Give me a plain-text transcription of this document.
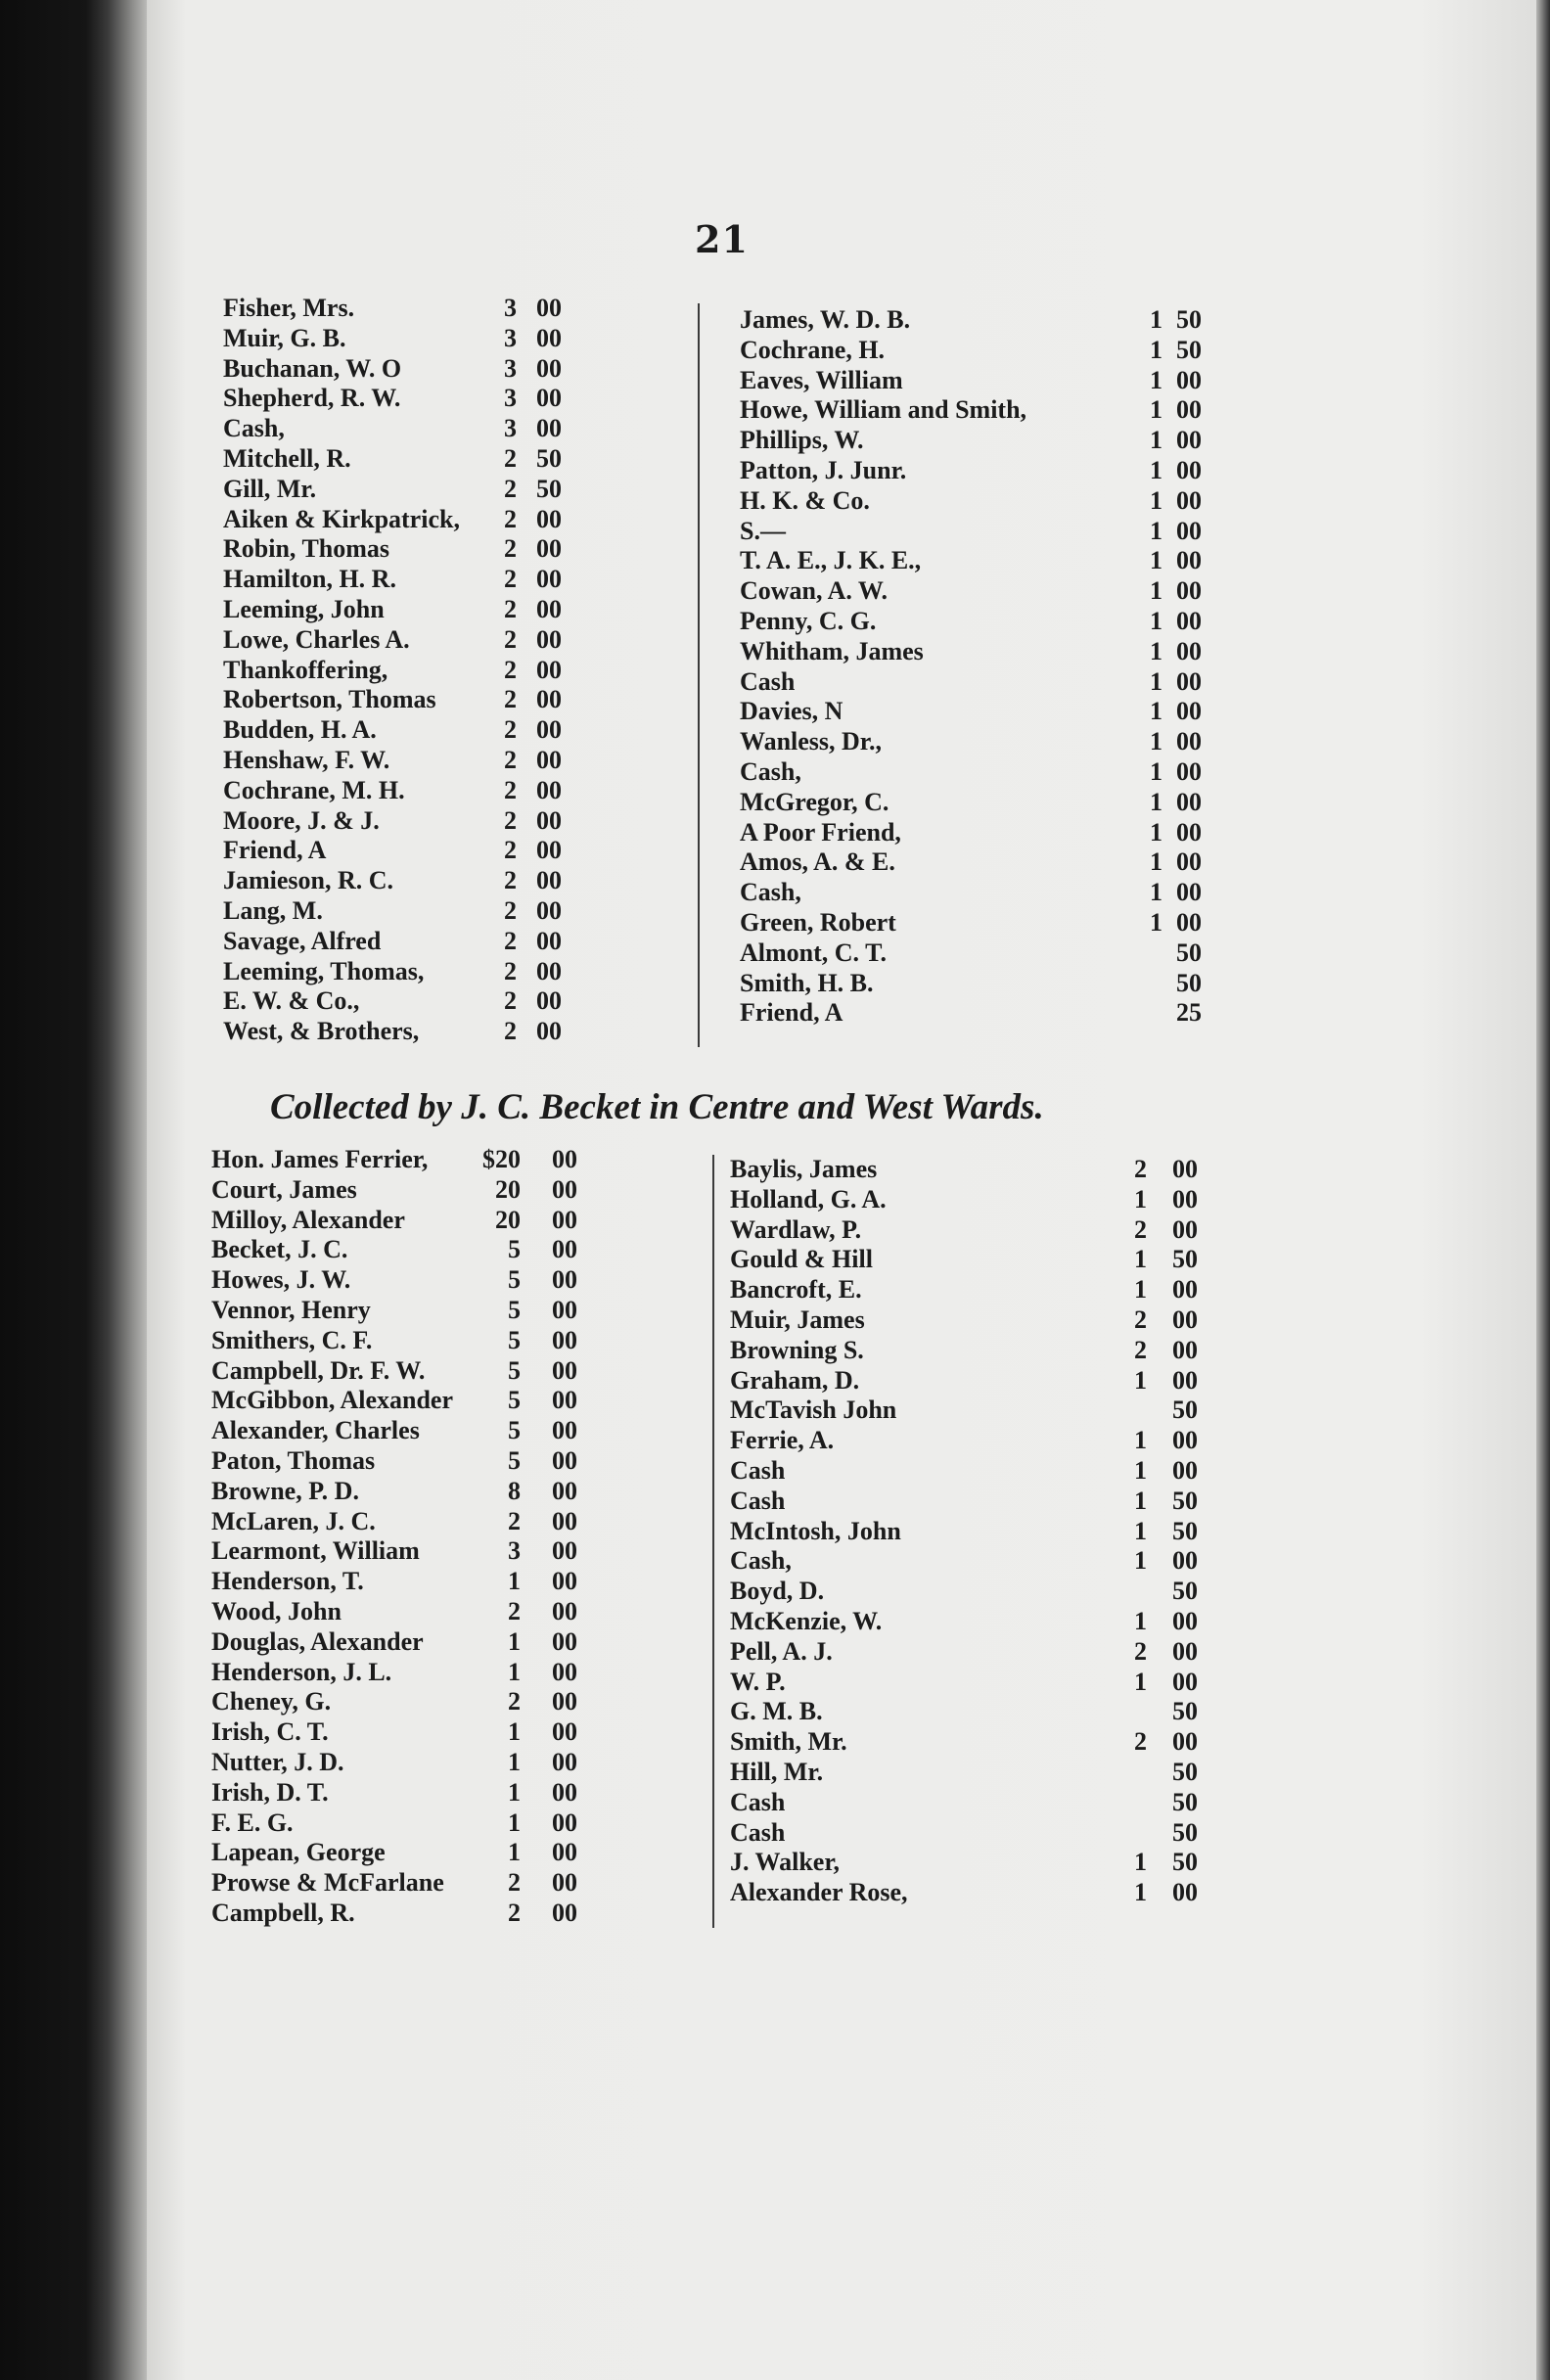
21
Fisher, Mrs.	3 00
Muir, G. B.	3 00
Buchanan, W. O	3 00
Shepherd, R. W.	3 00
Cash,	3 00
Mitchell, R.	2 50
Gill, Mr.	2 50
Aiken & Kirkpatrick, 2 00
Robin, Thomas	2 00
Hamilton, H. R.	2 00
Leeming, John	2 00
Lowe, Charles A.	2 00
Thankoffering,	2 00
Robertson, Thomas	2 00
Budden, H. A.	2 00
Henshaw, F. W.	2 00
Cochrane, M. H.	2 00
Moore, J. & J.	2 00
Friend, A	2 00
Jamieson, R. C.	2 00
Lang, M.	2 00
Savage, Alfred	2 00
Leeming, Thomas,	2 00
E. W. & Co.,	2 00
West, & Brothers,	2 00
James, W. D. B.	1 50
Cochrane, H.	1 50
Eaves, William	1 00
Howe, William and Smith,	1 00
Phillips, W.	1 00
Patton, J. Junr.	1 00
H. K. & Co.	1 00
S.—	1 00
T. A. E., J. K. E.,	1 00
Cowan, A. W.	1 00
Penny, C. G.	1 00
Whitham, James	1 00
Cash	1 00
Davies, N	1 00
Wanless, Dr.,	1 00
Cash,	1 00
McGregor, C.	1 00
A Poor Friend,	1 00
Amos, A. & E.	1 00
Cash,	1 00
Green, Robert	1 00
Almont, C. T.	50
Smith, H. B.	50
Friend, A	25
Collected by J. C. Becket in Centre and West Wards.
Hon. James Ferrier, $20 00
Court, James	20 00
Milloy, Alexander	20 00
Becket, J. C.	5 00
Howes, J. W.	5 00
Vennor, Henry	5 00
Smithers, C. F.	5 00
Campbell, Dr. F. W.	5 00
McGibbon, Alexander 5 00
Alexander, Charles	5 00
Paton, Thomas	5 00
Browne, P. D.	8 00
McLaren, J. C.	2 00
Learmont, William	3 00
Henderson, T.	1 00
Wood, John	2 00
Douglas, Alexander	1 00
Henderson, J. L.	1 00
Cheney, G.	2 00
Irish, C. T.	1 00
Nutter, J. D.	1 00
Irish, D. T.	1 00
F. E. G.	1 00
Lapean, George	1 00
Prowse & McFarlane	2 00
Campbell, R.	2 00
Baylis, James	2 00
Holland, G. A.	1 00
Wardlaw, P.	2 00
Gould & Hill	1 50
Bancroft, E.	1 00
Muir, James	2 00
Browning S.	2 00
Graham, D.	1 00
McTavish John	50
Ferrie, A.	1 00
Cash	1 00
Cash	1 50
McIntosh, John	1 50
Cash,	1 00
Boyd, D.	50
McKenzie, W.	1 00
Pell, A. J.	2 00
W. P.	1 00
G. M. B.	50
Smith, Mr.	2 00
Hill, Mr.	50
Cash	50
Cash	50
J. Walker,	1 50
Alexander Rose,	1 00
